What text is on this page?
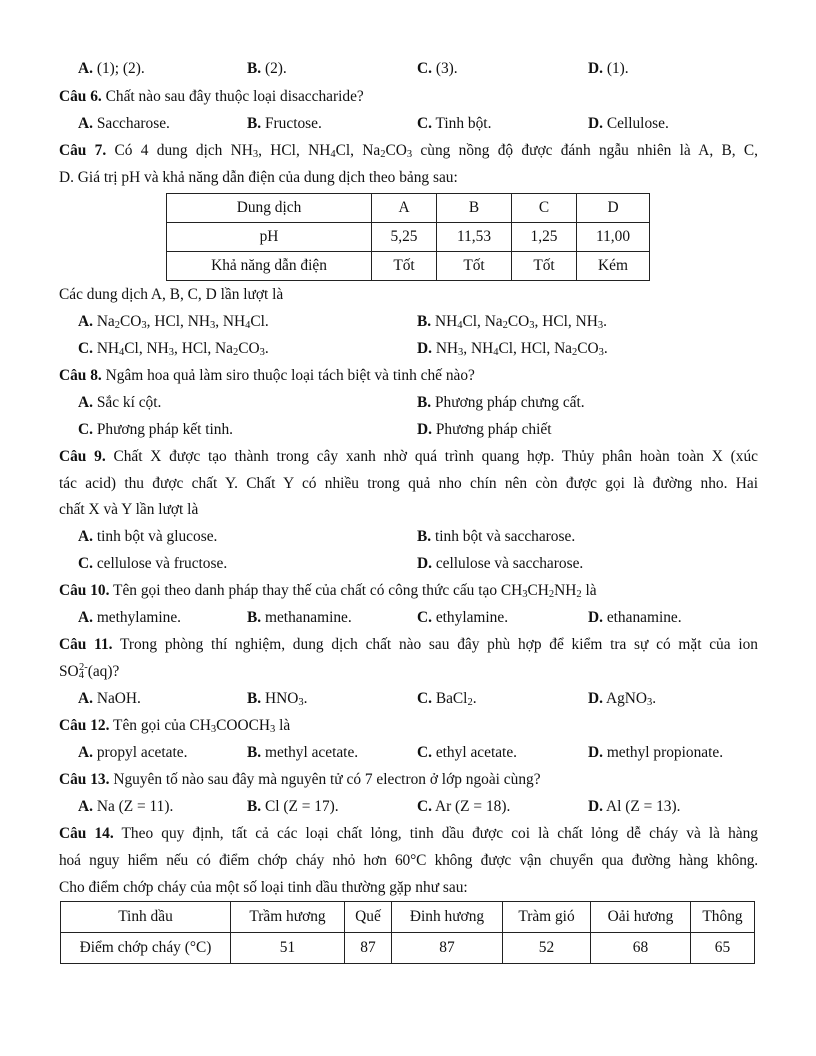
A. (1); (2).	B. (2).	C. (3).	D. (1).
Câu 6. Chất nào sau đây thuộc loại disaccharide?
A. Saccharose.	B. Fructose.	C. Tinh bột.	D. Cellulose.
Câu 7. Có 4 dung dịch $NH_3$, HCl, $NH_4Cl$, $Na_2CO_3$ cùng nồng độ được đánh ngẫu nhiên là A, B, C,
D. Giá trị pH và khả năng dẫn điện của dung dịch theo bảng sau:
Dung dịch	A	B	C	D
pH	5,25	11,53	1,25	11,00
Khả năng dẫn điện	Tốt	Tốt	Tốt	Kém
Các dung dịch A, B, C, D lần lượt là
A. $Na_2CO_3$, HCl, $NH_3$, $NH_4Cl$.	B. $NH_4Cl$, $Na_2CO_3$, HCl, $NH_3$.
C. $NH_4Cl$, $NH_3$, HCl, $Na_2CO_3$.	D. $NH_3$, $NH_4Cl$, HCl, $Na_2CO_3$.
Câu 8. Ngâm hoa quả làm siro thuộc loại tách biệt và tinh chế nào?
A. Sắc kí cột.	B. Phương pháp chưng cất.
C. Phương pháp kết tinh.	D. Phương pháp chiết
Câu 9. Chất X được tạo thành trong cây xanh nhờ quá trình quang hợp. Thủy phân hoàn toàn X (xúc
tác acid) thu được chất Y. Chất Y có nhiều trong quả nho chín nên còn được gọi là đường nho. Hai
chất X và Y lần lượt là
A. tinh bột và glucose.	B. tinh bột và saccharose.
C. cellulose và fructose.	D. cellulose và saccharose.
Câu 10. Tên gọi theo danh pháp thay thế của chất có công thức cấu tạo $CH_3CH_2NH_2$ là
A. methylamine.	B. methanamine.	C. ethylamine.	D. ethanamine.
Câu 11. Trong phòng thí nghiệm, dung dịch chất nào sau đây phù hợp để kiểm tra sự có mặt của ion
$SO_4^{2-}(aq)$?
A. NaOH.	B. $HNO_3$.	C. BaCl$_2$.	D. AgNO$_3$.
Câu 12. Tên gọi của $CH_3COOCH_3$ là
A. propyl acetate.	B. methyl acetate.	C. ethyl acetate.	D. methyl propionate.
Câu 13. Nguyên tố nào sau đây mà nguyên tử có 7 electron ở lớp ngoài cùng?
A. Na (Z = 11).	B. Cl (Z = 17).	C. Ar (Z = 18).	D. Al (Z = 13).
Câu 14. Theo quy định, tất cả các loại chất lỏng, tinh dầu được coi là chất lỏng dễ cháy và là hàng
hoá nguy hiểm nếu có điểm chớp cháy nhỏ hơn 60°C không được vận chuyển qua đường hàng không.
Cho điểm chớp cháy của một số loại tinh dầu thường gặp như sau:
Tinh dầu	Trầm hương	Quế	Đinh hương	Tràm gió	Oải hương	Thông
Điểm chớp cháy (°C)	51	87	87	52	68	65
